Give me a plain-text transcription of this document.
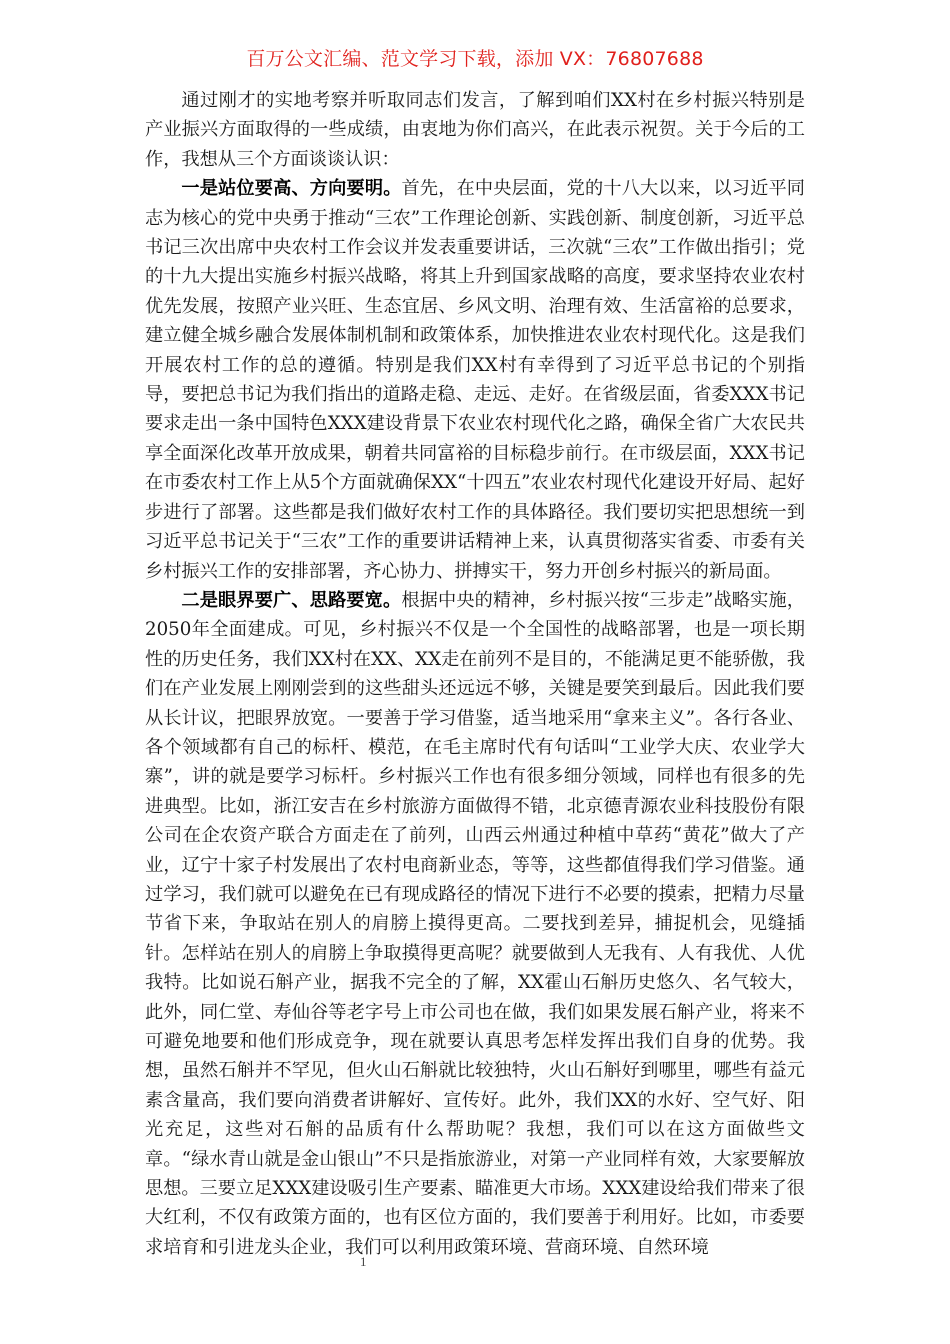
百万公文汇编、范文学习下载，添加 VX：76807688

通过刚才的实地考察并听取同志们发言，了解到咱们XX村在乡村振兴特别是产业振兴方面取得的一些成绩，由衷地为你们高兴，在此表示祝贺。关于今后的工作，我想从三个方面谈谈认识：

一是站位要高、方向要明。首先，在中央层面，党的十八大以来，以习近平同志为核心的党中央勇于推动“三农”工作理论创新、实践创新、制度创新，习近平总书记三次出席中央农村工作会议并发表重要讲话，三次就“三农”工作做出指引；党的十九大提出实施乡村振兴战略，将其上升到国家战略的高度，要求坚持农业农村优先发展，按照产业兴旺、生态宜居、乡风文明、治理有效、生活富裕的总要求，建立健全城乡融合发展体制机制和政策体系，加快推进农业农村现代化。这是我们开展农村工作的总的遵循。特别是我们XX村有幸得到了习近平总书记的个别指导，要把总书记为我们指出的道路走稳、走远、走好。在省级层面，省委XXX书记要求走出一条中国特色XXX建设背景下农业农村现代化之路，确保全省广大农民共享全面深化改革开放成果，朝着共同富裕的目标稳步前行。在市级层面，XXX书记在市委农村工作上从5个方面就确保XX“十四五”农业农村现代化建设开好局、起好步进行了部署。这些都是我们做好农村工作的具体路径。我们要切实把思想统一到习近平总书记关于“三农”工作的重要讲话精神上来，认真贯彻落实省委、市委有关乡村振兴工作的安排部署，齐心协力、拼搏实干，努力开创乡村振兴的新局面。

二是眼界要广、思路要宽。根据中央的精神，乡村振兴按“三步走”战略实施，2050年全面建成。可见，乡村振兴不仅是一个全国性的战略部署，也是一项长期性的历史任务，我们XX村在XX、XX走在前列不是目的，不能满足更不能骄傲，我们在产业发展上刚刚尝到的这些甜头还远远不够，关键是要笑到最后。因此我们要从长计议，把眼界放宽。一要善于学习借鉴，适当地采用“拿来主义”。各行各业、各个领域都有自己的标杆、模范，在毛主席时代有句话叫“工业学大庆、农业学大寨”，讲的就是要学习标杆。乡村振兴工作也有很多细分领域，同样也有很多的先进典型。比如，浙江安吉在乡村旅游方面做得不错，北京德青源农业科技股份有限公司在企农资产联合方面走在了前列，山西云州通过种植中草药“黄花”做大了产业，辽宁十家子村发展出了农村电商新业态，等等，这些都值得我们学习借鉴。通过学习，我们就可以避免在已有现成路径的情况下进行不必要的摸索，把精力尽量节省下来，争取站在别人的肩膀上摸得更高。二要找到差异，捕捉机会，见缝插针。怎样站在别人的肩膀上争取摸得更高呢？就要做到人无我有、人有我优、人优我特。比如说石斛产业，据我不完全的了解，XX霍山石斛历史悠久、名气较大，此外，同仁堂、寿仙谷等老字号上市公司也在做，我们如果发展石斛产业，将来不可避免地要和他们形成竞争，现在就要认真思考怎样发挥出我们自身的优势。我想，虽然石斛并不罕见，但火山石斛就比较独特，火山石斛好到哪里，哪些有益元素含量高，我们要向消费者讲解好、宣传好。此外，我们XX的水好、空气好、阳光充足，这些对石斛的品质有什么帮助呢？我想，我们可以在这方面做些文章。“绿水青山就是金山银山”不只是指旅游业，对第一产业同样有效，大家要解放思想。三要立足XXX建设吸引生产要素、瞄准更大市场。XXX建设给我们带来了很大红利，不仅有政策方面的，也有区位方面的，我们要善于利用好。比如，市委要求培育和引进龙头企业，我们可以利用政策环境、营商环境、自然环境

1
